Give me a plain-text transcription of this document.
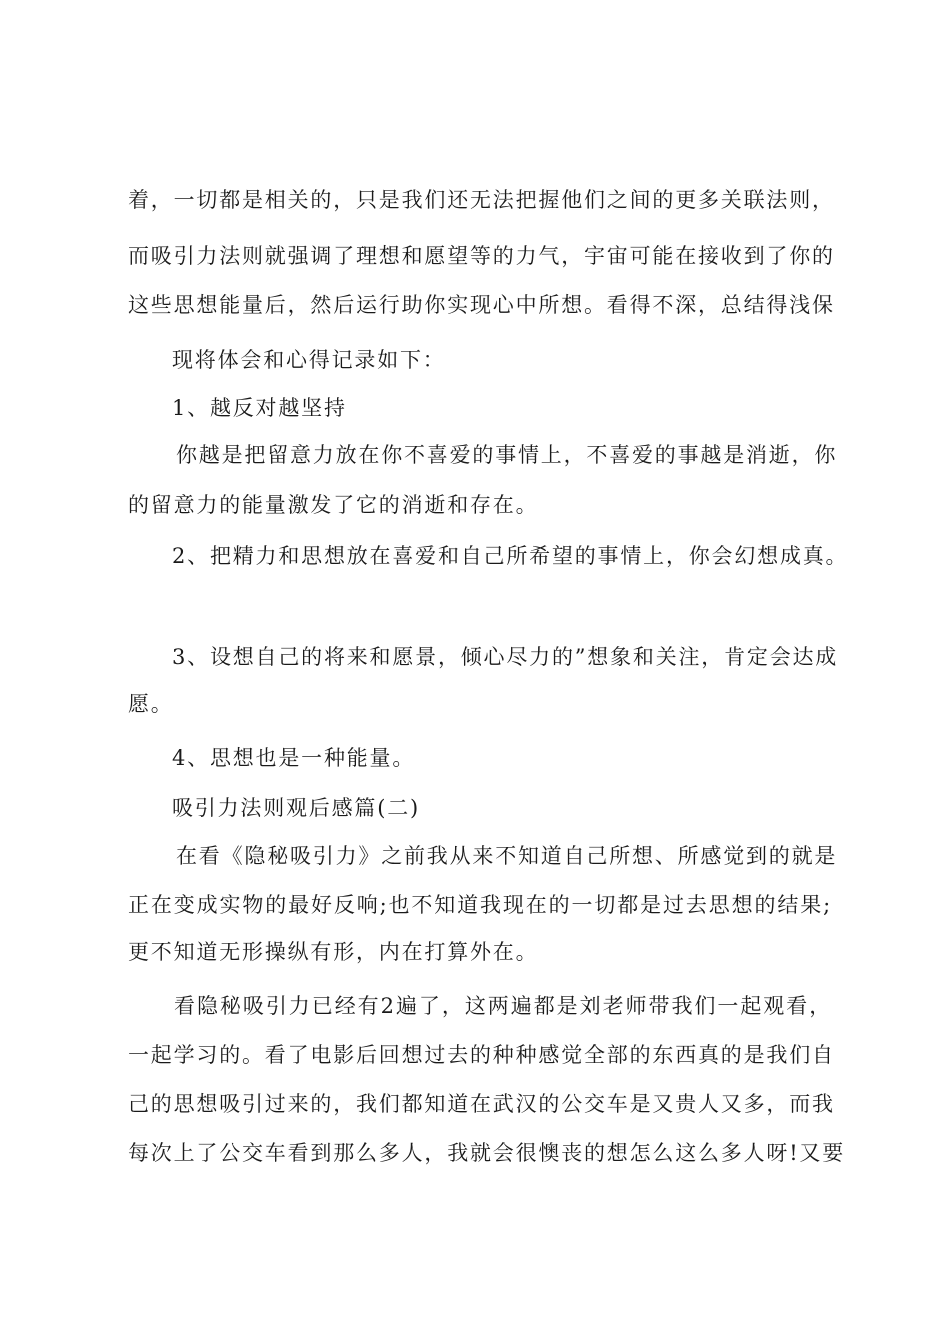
着，一切都是相关的，只是我们还无法把握他们之间的更多关联法则，
而吸引力法则就强调了理想和愿望等的力气，宇宙可能在接收到了你的
这些思想能量后，然后运行助你实现心中所想。看得不深，总结得浅保
现将体会和心得记录如下：
1、越反对越坚持
你越是把留意力放在你不喜爱的事情上，不喜爱的事越是消逝，你
的留意力的能量激发了它的消逝和存在。
2、把精力和思想放在喜爱和自己所希望的事情上，你会幻想成真。
3、设想自己的将来和愿景，倾心尽力的”想象和关注，肯定会达成
愿。
4、思想也是一种能量。
吸引力法则观后感篇(二)
在看《隐秘吸引力》之前我从来不知道自己所想、所感觉到的就是
正在变成实物的最好反响;也不知道我现在的一切都是过去思想的结果;
更不知道无形操纵有形，内在打算外在。
看隐秘吸引力已经有2遍了，这两遍都是刘老师带我们一起观看，
一起学习的。看了电影后回想过去的种种感觉全部的东西真的是我们自
己的思想吸引过来的，我们都知道在武汉的公交车是又贵人又多，而我
每次上了公交车看到那么多人，我就会很懊丧的想怎么这么多人呀!又要
